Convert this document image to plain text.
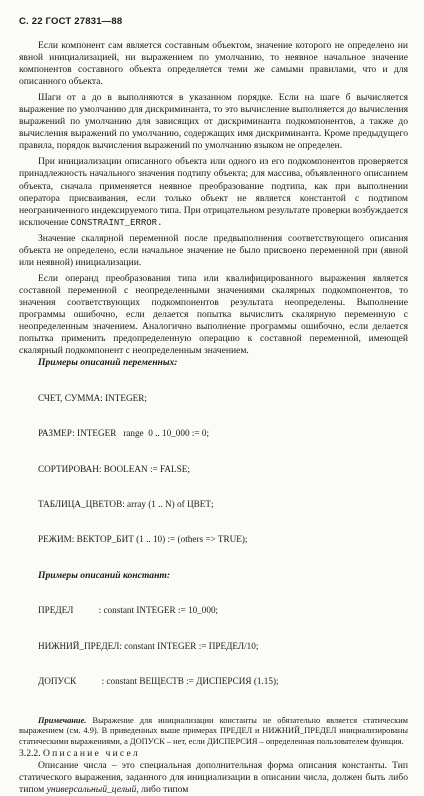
С. 22 ГОСТ 27831—88

Если компонент сам является составным объектом, значение которого не определено ни явной инициализацией, ни выражением по умолчанию, то неявное начальное значение компонентов составного объекта определяется теми же самыми правилами, что и для описанного объекта.

Шаги от а до в выполняются в указанном порядке. Если на шаге б вычисляется выражение по умолчанию для дискриминанта, то это вычисление выполняется до вычисления выражений по умолчанию для зависящих от дискриминанта подкомпонентов, а также до вычисления выражений по умолчанию, содержащих имя дискриминанта. Кроме предыдущего правила, порядок вычисления выражений по умолчанию языком не определен.

При инициализации описанного объекта или одного из его подкомпонентов проверяется принадлежность начального значения подтипу объекта; для массива, объявленного описанием объекта, сначала применяется неявное преобразование подтипа, как при выполнении оператора присваивания, если только объект не является константой с подтипом неограниченного индексируемого типа. При отрицательном результате проверки возбуждается исключение CONSTRAINT_ERROR.

Значение скалярной переменной после предвыполнения соответствующего описания объекта не определено, если начальное значение не было присвоено переменной при (явной или неявной) инициализации.

Если операнд преобразования типа или квалифицированного выражения является составной переменной с неопределенными значениями скалярных подкомпонентов, то значения соответствующих подкомпонентов результата неопределены. Выполнение программы ошибочно, если делается попытка вычислить скалярную переменную с неопределенным значением. Аналогично выполнение программы ошибочно, если делается попытка применить предопределенную операцию к составной переменной, имеющей скалярный подкомпонент с неопределенным значением.

Примеры описаний переменных:

СЧЕТ, СУММА: INTEGER;

РАЗМЕР: INTEGER   range  0 .. 10_000 := 0;

СОРТИРОВАН: BOOLEAN := FALSE;

ТАБЛИЦА_ЦВЕТОВ: array (1 .. N) of ЦВЕТ;

РЕЖИМ: ВЕКТОР_БИТ (1 .. 10) := (others => TRUE);

Примеры описаний констант:

ПРЕДЕЛ           : constant INTEGER := 10_000;

НИЖНИЙ_ПРЕДЕЛ: constant INTEGER := ПРЕДЕЛ/10;

ДОПУСК           : constant ВЕЩЕСТВ := ДИСПЕРСИЯ (1.15);

Примечание. Выражение для инициализации константы не обязательно является статическим выражением (см. 4.9). В приведенных выше примерах ПРЕДЕЛ и НИЖНИЙ_ПРЕДЕЛ инициализированы статическими выражениями, а ДОПУСК – нет, если ДИСПЕРСИЯ – определенная пользователем функция.

3.2.2. Описание чисел

Описание числа – это специальная дополнительная форма описания константы. Тип статического выражения, заданного для инициализации в описании числа, должен быть либо типом универсальный_целый, либо типом
